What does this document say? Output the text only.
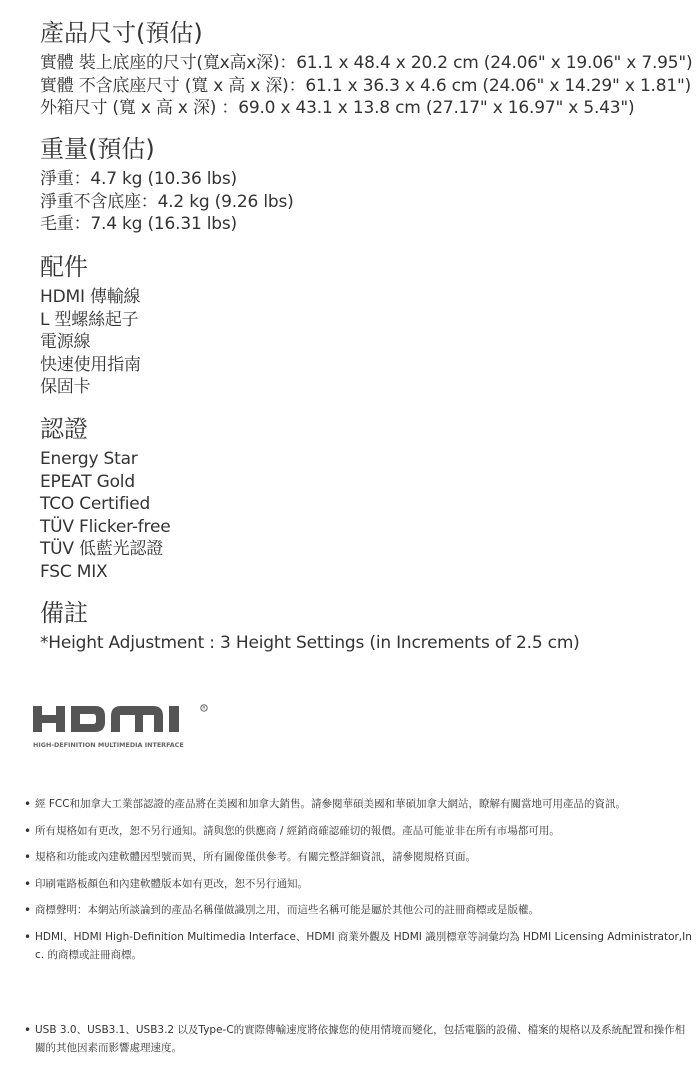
產品尺寸(預估)
實體 裝上底座的尺寸(寬x高x深)：61.1 x 48.4 x 20.2 cm (24.06" x 19.06" x 7.95")
實體 不含底座尺寸 (寬 x 高 x 深)：61.1 x 36.3 x 4.6 cm (24.06" x 14.29" x 1.81")
外箱尺寸 (寬 x 高 x 深) ：69.0 x 43.1 x 13.8 cm (27.17" x 16.97" x 5.43")
重量(預估)
淨重：4.7 kg (10.36 lbs)
淨重不含底座：4.2 kg (9.26 lbs)
毛重：7.4 kg (16.31 lbs)
配件
HDMI 傳輸線
L 型螺絲起子
電源線
快速使用指南
保固卡
認證
Energy Star
EPEAT Gold
TCO Certified
TÜV Flicker-free
TÜV 低藍光認證
FSC MIX
備註
*Height Adjustment : 3 Height Settings (in Increments of 2.5 cm)
R
HIGH-DEFINITION MULTIMEDIA INTERFACE
• 經 FCC和加拿大工業部認證的產品將在美國和加拿大銷售。請參閱華碩美國和華碩加拿大網站，瞭解有關當地可用產品的資訊。
• 所有規格如有更改，恕不另行通知。請與您的供應商 / 經銷商確認確切的報價。產品可能並非在所有市場都可用。
• 規格和功能或內建軟體因型號而異，所有圖像僅供參考。有關完整詳細資訊，請參閱規格頁面。
• 印刷電路板顏色和內建軟體版本如有更改，恕不另行通知。
• 商標聲明：本網站所談論到的產品名稱僅做識別之用，而這些名稱可能是屬於其他公司的註冊商標或是版權。
• HDMI、HDMI High-Definition Multimedia Interface、HDMI 商業外觀及 HDMI 識別標章等詞彙均為 HDMI Licensing Administrator,Inc. 的商標或註冊商標。
• USB 3.0、USB3.1、USB3.2 以及Type-C的實際傳輸速度將依據您的使用情境而變化，包括電腦的設備、檔案的規格以及系統配置和操作相關的其他因素而影響處理速度。
